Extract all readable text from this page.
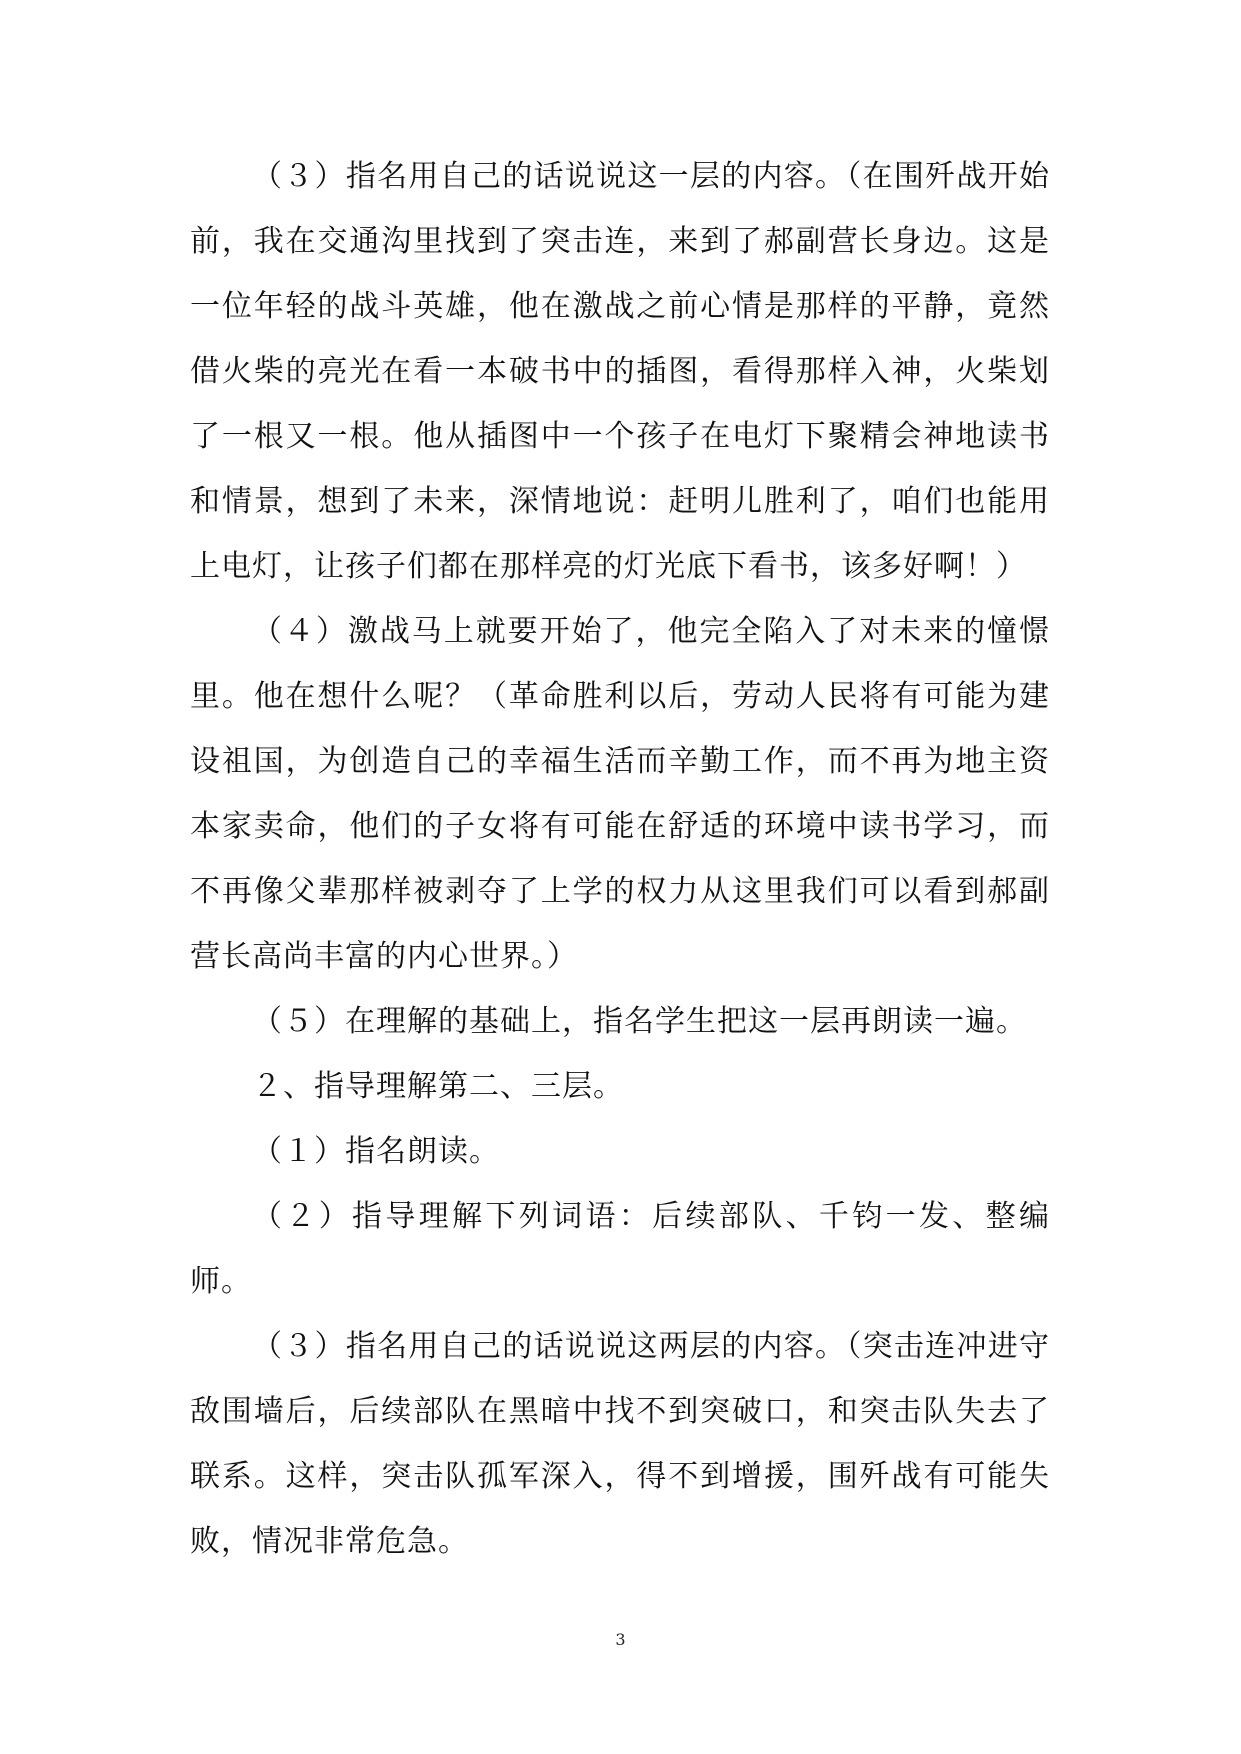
（３）指名用自己的话说说这一层的内容。（在围歼战开始前，我在交通沟里找到了突击连，来到了郝副营长身边。这是一位年轻的战斗英雄，他在激战之前心情是那样的平静，竟然借火柴的亮光在看一本破书中的插图，看得那样入神，火柴划了一根又一根。他从插图中一个孩子在电灯下聚精会神地读书和情景，想到了未来，深情地说：赶明儿胜利了，咱们也能用上电灯，让孩子们都在那样亮的灯光底下看书，该多好啊！）

（４）激战马上就要开始了，他完全陷入了对未来的憧憬里。他在想什么呢？（革命胜利以后，劳动人民将有可能为建设祖国，为创造自己的幸福生活而辛勤工作，而不再为地主资本家卖命，他们的子女将有可能在舒适的环境中读书学习，而不再像父辈那样被剥夺了上学的权力从这里我们可以看到郝副营长高尚丰富的内心世界。）

（５）在理解的基础上，指名学生把这一层再朗读一遍。

２、指导理解第二、三层。

（１）指名朗读。

（２）指导理解下列词语：后续部队、千钧一发、整编师。

（３）指名用自己的话说说这两层的内容。（突击连冲进守敌围墙后，后续部队在黑暗中找不到突破口，和突击队失去了联系。这样，突击队孤军深入，得不到增援，围歼战有可能失败，情况非常危急。

3
